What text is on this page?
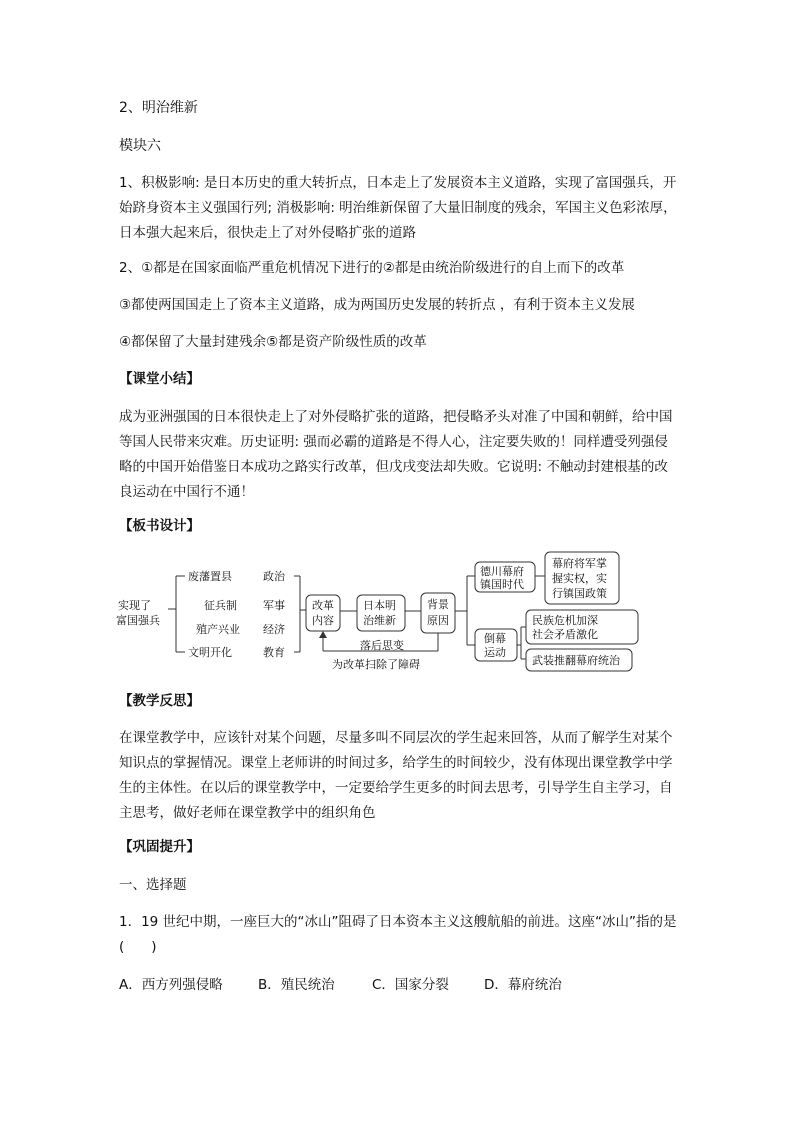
2、明治维新

模块六

1、积极影响: 是日本历史的重大转折点，日本走上了发展资本主义道路，实现了富国强兵，开始跻身资本主义强国行列; 消极影响: 明治维新保留了大量旧制度的残余，军国主义色彩浓厚，日本强大起来后，很快走上了对外侵略扩张的道路

2、①都是在国家面临严重危机情况下进行的②都是由统治阶级进行的自上而下的改革

③都使两国国走上了资本主义道路，成为两国历史发展的转折点 ，有利于资本主义发展

④都保留了大量封建残余⑤都是资产阶级性质的改革

【课堂小结】

成为亚洲强国的日本很快走上了对外侵略扩张的道路，把侵略矛头对准了中国和朝鲜，给中国等国人民带来灾难。历史证明: 强而必霸的道路是不得人心，注定要失败的！同样遭受列强侵略的中国开始借鉴日本成功之路实行改革，但戊戌变法却失败。它说明: 不触动封建根基的改良运动在中国行不通！

【板书设计】

实现了
富国强兵
废藩置县
征兵制
殖产兴业
文明开化
政治
军事
经济
教育
改革
内容
日本明
治维新
背景
原因
德川幕府
镇国时代
幕府将军掌
握实权，实
行镇国政策
倒幕
运动
民族危机加深
社会矛盾激化
武装推翻幕府统治
落后思变
为改革扫除了障碍

【教学反思】

在课堂教学中，应该针对某个问题，尽量多叫不同层次的学生起来回答，从而了解学生对某个知识点的掌握情况。课堂上老师讲的时间过多，给学生的时间较少，没有体现出课堂教学中学生的主体性。在以后的课堂教学中，一定要给学生更多的时间去思考，引导学生自主学习，自主思考，做好老师在课堂教学中的组织角色

【巩固提升】

一、选择题

1．19 世纪中期，一座巨大的“冰山”阻碍了日本资本主义这艘航船的前进。这座“冰山”指的是(　　)

A．西方列强侵略	B．殖民统治	C．国家分裂	D．幕府统治
